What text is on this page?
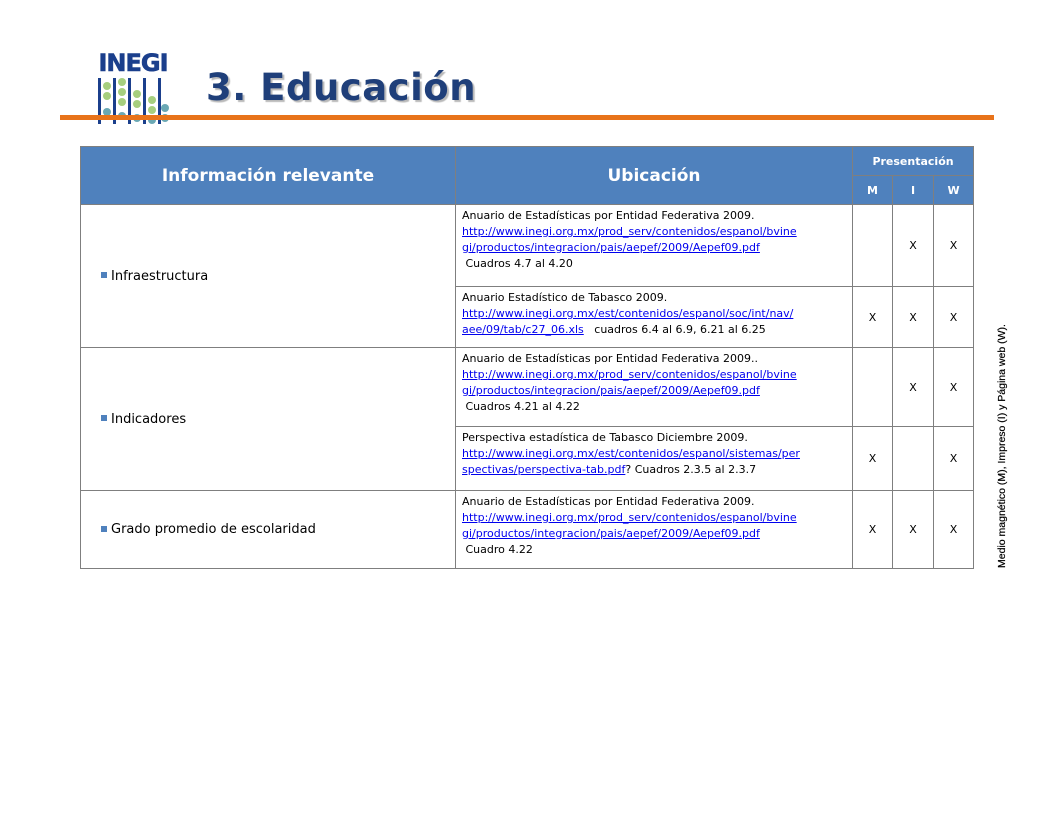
INEGI
3. Educación
Información relevante	Ubicación	Presentación		
		M	I	W
Infraestructura	Anuario de Estadísticas por Entidad Federativa 2009.
http://www.inegi.org.mx/prod_serv/contenidos/espanol/bvine
gi/productos/integracion/pais/aepef/2009/Aepef09.pdf
Cuadros 4.7 al 4.20		X	X

	Anuario Estadístico de Tabasco 2009.
http://www.inegi.org.mx/est/contenidos/espanol/soc/int/nav/
aee/09/tab/c27_06.xls cuadros 6.4 al 6.9, 6.21 al 6.25	X	X	X
Indicadores	Anuario de Estadísticas por Entidad Federativa 2009..
http://www.inegi.org.mx/prod_serv/contenidos/espanol/bvine
gi/productos/integracion/pais/aepef/2009/Aepef09.pdf
Cuadros 4.21 al 4.22		X	X

	Perspectiva estadística de Tabasco Diciembre 2009.
http://www.inegi.org.mx/est/contenidos/espanol/sistemas/per
spectivas/perspectiva-tab.pdf? Cuadros 2.3.5 al 2.3.7	X		X
Grado promedio de escolaridad	Anuario de Estadísticas por Entidad Federativa 2009.
http://www.inegi.org.mx/prod_serv/contenidos/espanol/bvine
gi/productos/integracion/pais/aepef/2009/Aepef09.pdf
Cuadro 4.22	X	X	X	Medio magnético (M), Impreso (I) y Página web (W).
